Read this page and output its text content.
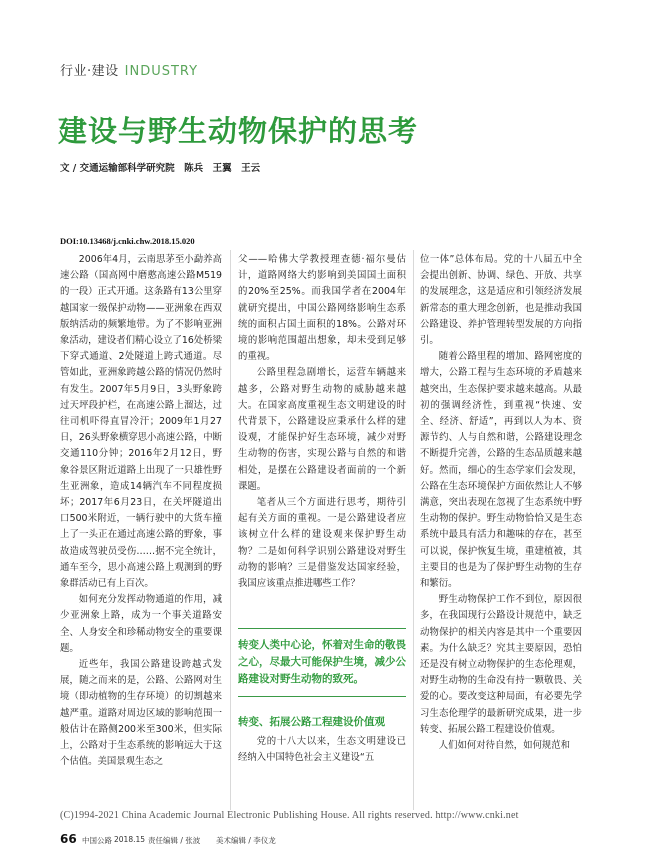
行业·建设 INDUSTRY
建设与野生动物保护的思考
文 / 交通运输部科学研究院　陈兵　王翼　王云
DOI:10.13468/j.cnki.chw.2018.15.020

2006年4月，云南思茅至小勐养高速公路（国高网中磨憨高速公路M519的一段）正式开通。这条路有13公里穿越国家一级保护动物——亚洲象在西双版纳活动的频繁地带。为了不影响亚洲象活动，建设者们精心设立了16处桥梁下穿式通道、2处隧道上跨式通道。尽管如此，亚洲象跨越公路的情况仍然时有发生。2007年5月9日，3头野象跨过天坪段护栏，在高速公路上溜达，过往司机吓得直冒冷汗；2009年1月27日，26头野象横穿思小高速公路，中断交通110分钟；2016年2月12日，野象谷景区附近道路上出现了一只雄性野生亚洲象，造成14辆汽车不同程度损坏；2017年6月23日，在关坪隧道出口500米附近，一辆行驶中的大货车撞上了一头正在通过高速公路的野象，事故造成驾驶员受伤……据不完全统计，通车至今，思小高速公路上观测到的野象群活动已有上百次。

如何充分发挥动物通道的作用，减少亚洲象上路，成为一个事关道路安全、人身安全和珍稀动物安全的重要课题。

近些年，我国公路建设跨越式发展，随之而来的是，公路、公路网对生境（即动植物的生存环境）的切割越来越严重。道路对周边区域的影响范围一般估计在路侧200米至300米，但实际上，公路对于生态系统的影响远大于这个估值。美国景观生态之

父——哈佛大学教授理查德·福尔曼估计，道路网络大约影响到美国国土面积的20%至25%。而我国学者在2004年就研究提出，中国公路网络影响生态系统的面积占国土面积的18%。公路对环境的影响范围超出想象，却未受到足够的重视。

公路里程急剧增长，运营车辆越来越多，公路对野生动物的威胁越来越大。在国家高度重视生态文明建设的时代背景下，公路建设应秉承什么样的建设观，才能保护好生态环境，减少对野生动物的伤害，实现公路与自然的和谐相处，是摆在公路建设者面前的一个新课题。

笔者从三个方面进行思考，期待引起有关方面的重视。一是公路建设者应该树立什么样的建设观来保护野生动物？二是如何科学识别公路建设对野生动物的影响？三是借鉴发达国家经验，我国应该重点推进哪些工作？

转变人类中心论，怀着对生命的敬畏之心，尽最大可能保护生境，减少公路建设对野生动物的致死。
转变、拓展公路工程建设价值观

党的十八大以来，生态文明建设已经纳入中国特色社会主义建设“五

位一体”总体布局。党的十八届五中全会提出创新、协调、绿色、开放、共享的发展理念，这是适应和引领经济发展新常态的重大理念创新，也是推动我国公路建设、养护管理转型发展的方向指引。

随着公路里程的增加、路网密度的增大，公路工程与生态环境的矛盾越来越突出，生态保护要求越来越高。从最初的强调经济性，到重视“快速、安全、经济、舒适”，再到以人为本、资源节约、人与自然和谐，公路建设理念不断提升完善，公路的生态品质越来越好。然而，细心的生态学家们会发现，公路在生态环境保护方面依然让人不够满意，突出表现在忽视了生态系统中野生动物的保护。野生动物恰恰又是生态系统中最具有活力和趣味的存在，甚至可以说，保护恢复生境，重建植被，其主要目的也是为了保护野生动物的生存和繁衍。

野生动物保护工作不到位，原因很多，在我国现行公路设计规范中，缺乏动物保护的相关内容是其中一个重要因素。为什么缺乏？究其主要原因，恐怕还是没有树立动物保护的生态伦理观，对野生动物的生命没有持一颗敬畏、关爱的心。要改变这种局面，有必要先学习生态伦理学的最新研究成果，进一步转变、拓展公路工程建设价值观。

人们如何对待自然，如何规范和

(C)1994-2021 China Academic Journal Electronic Publishing House. All rights reserved. http://www.cnki.net
66 中国公路 2018.15 责任编辑 / 张波 美术编辑 / 李仪龙
